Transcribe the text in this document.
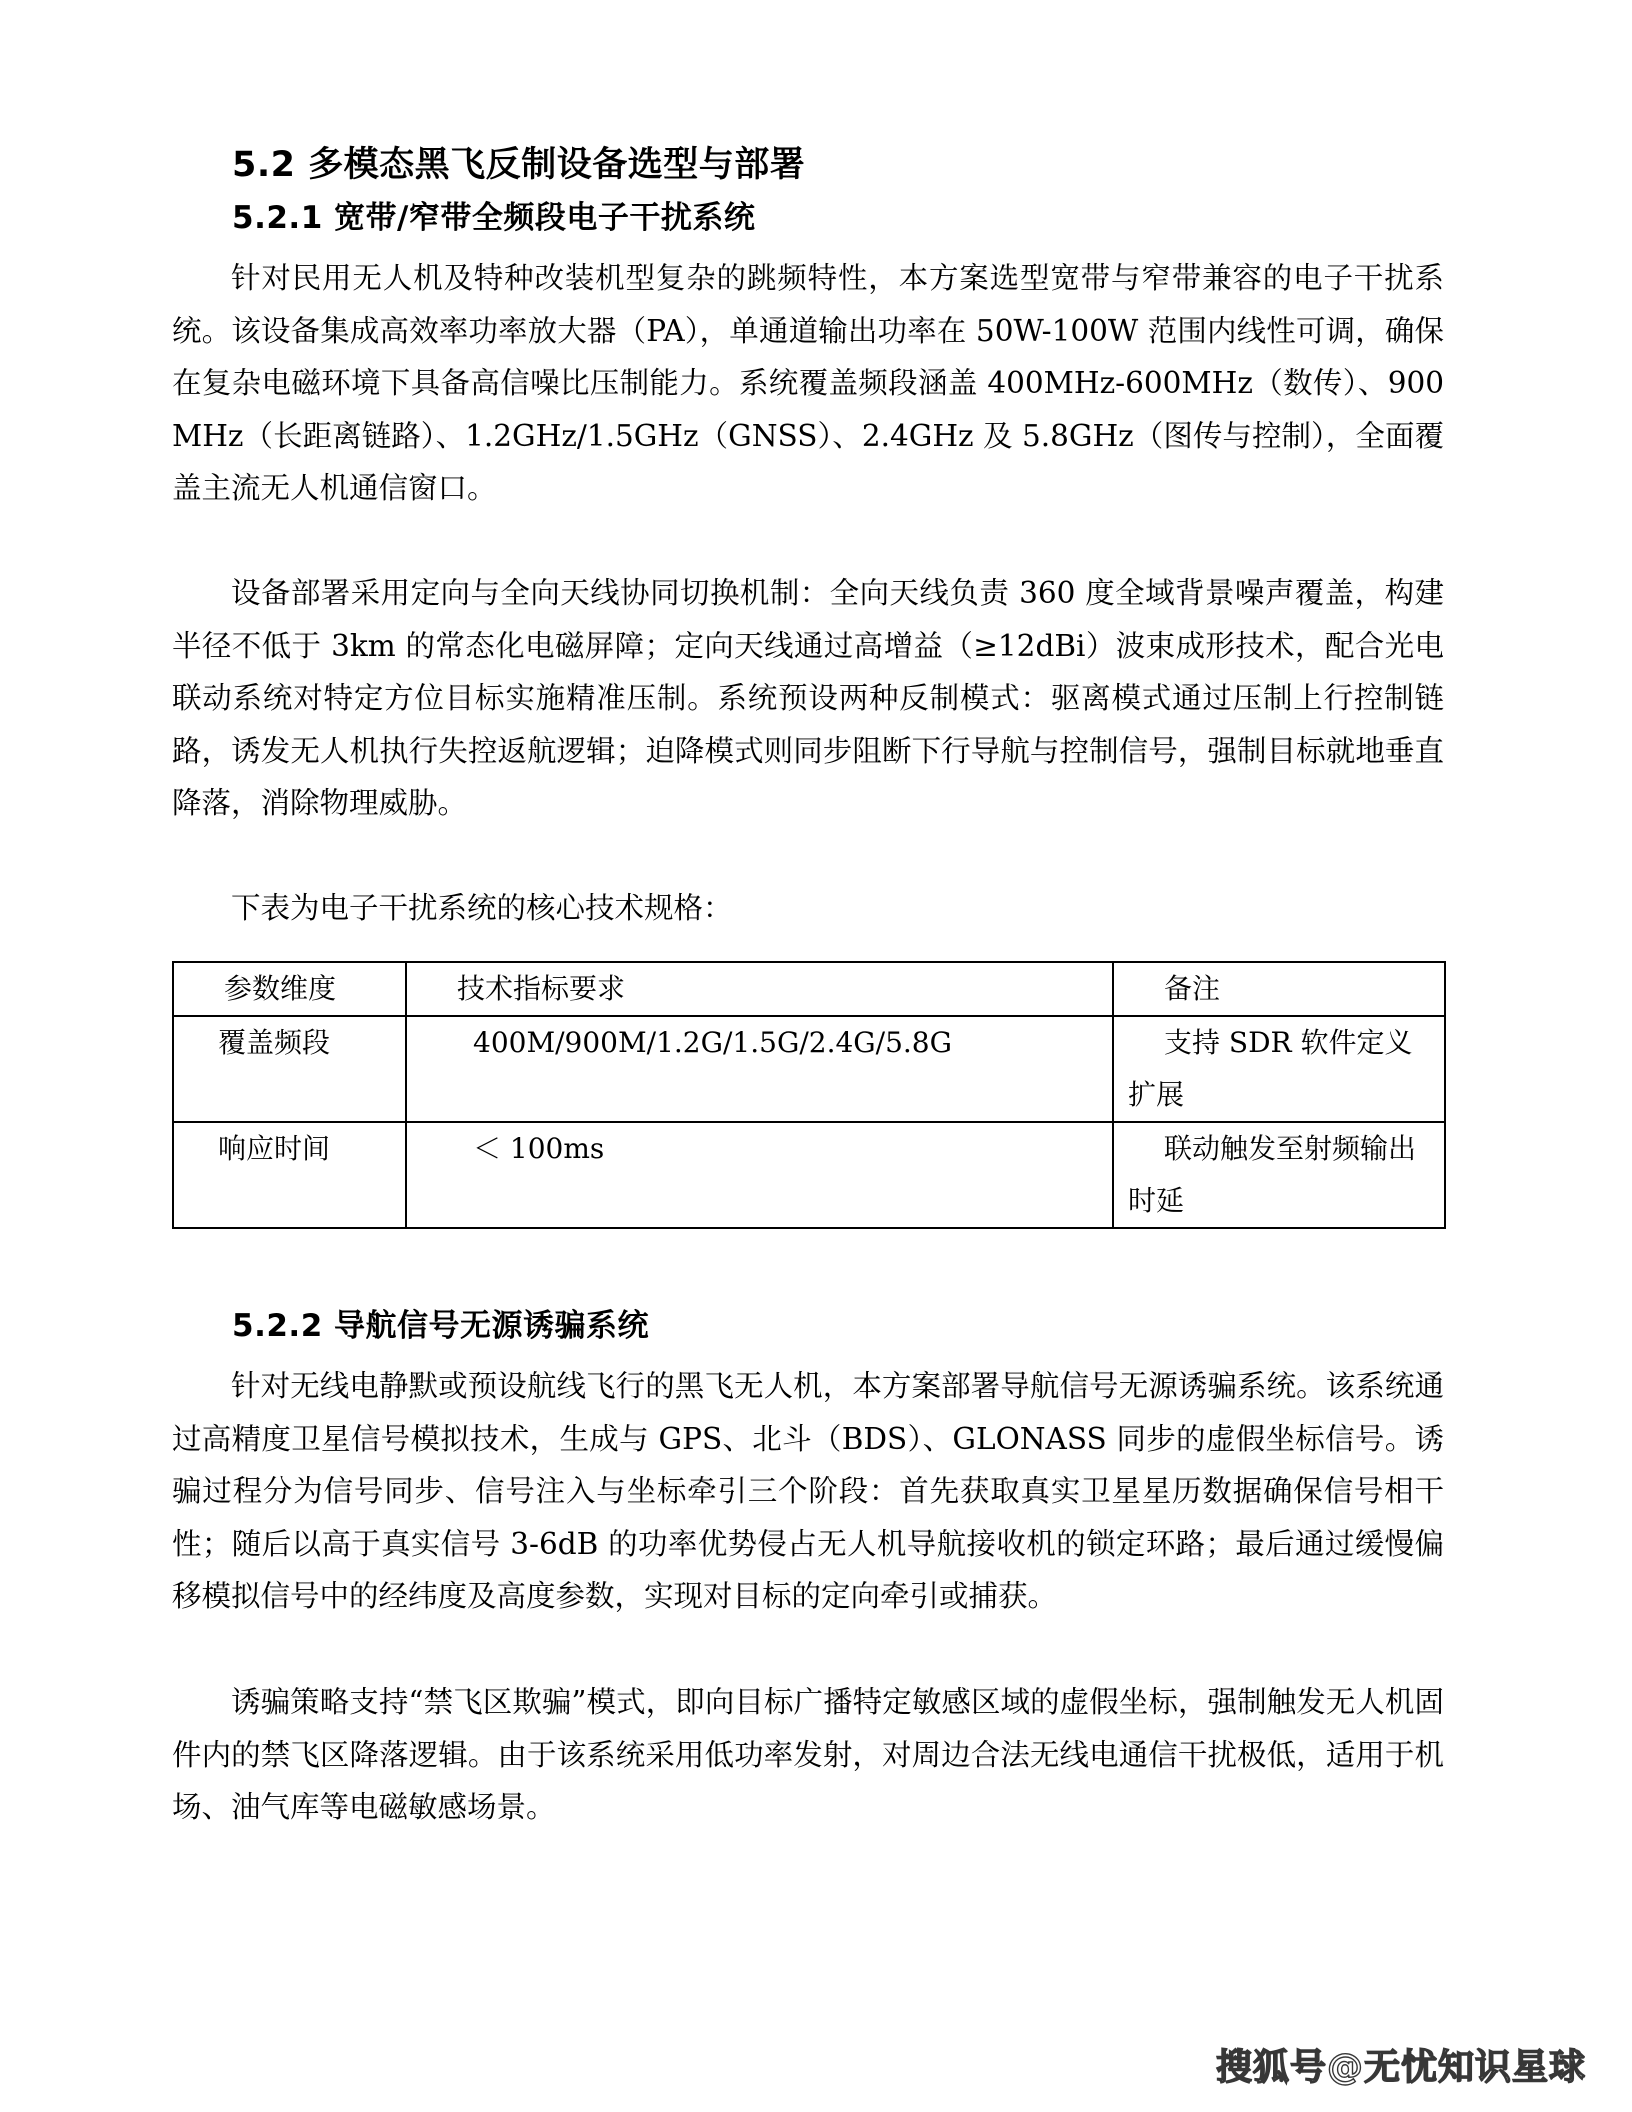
5.2 多模态黑飞反制设备选型与部署
5.2.1 宽带/窄带全频段电子干扰系统

针对民用无人机及特种改装机型复杂的跳频特性，本方案选型宽带与窄带兼容的电子干扰系统。该设备集成高效率功率放大器（PA），单通道输出功率在 50W-100W 范围内线性可调，确保在复杂电磁环境下具备高信噪比压制能力。系统覆盖频段涵盖 400MHz-600MHz（数传）、900MHz（长距离链路）、1.2GHz/1.5GHz（GNSS）、2.4GHz 及 5.8GHz（图传与控制），全面覆盖主流无人机通信窗口。

设备部署采用定向与全向天线协同切换机制：全向天线负责 360 度全域背景噪声覆盖，构建半径不低于 3km 的常态化电磁屏障；定向天线通过高增益（≥12dBi）波束成形技术，配合光电联动系统对特定方位目标实施精准压制。系统预设两种反制模式：驱离模式通过压制上行控制链路，诱发无人机执行失控返航逻辑；迫降模式则同步阻断下行导航与控制信号，强制目标就地垂直降落，消除物理威胁。

下表为电子干扰系统的核心技术规格：

参数维度	技术指标要求	备注
覆盖频段	400M/900M/1.2G/1.5G/2.4G/5.8G	支持 SDR 软件定义扩展
响应时间	＜ 100ms	联动触发至射频输出时延
5.2.2 导航信号无源诱骗系统

针对无线电静默或预设航线飞行的黑飞无人机，本方案部署导航信号无源诱骗系统。该系统通过高精度卫星信号模拟技术，生成与 GPS、北斗（BDS）、GLONASS 同步的虚假坐标信号。诱骗过程分为信号同步、信号注入与坐标牵引三个阶段：首先获取真实卫星星历数据确保信号相干性；随后以高于真实信号 3-6dB 的功率优势侵占无人机导航接收机的锁定环路；最后通过缓慢偏移模拟信号中的经纬度及高度参数，实现对目标的定向牵引或捕获。

诱骗策略支持“禁飞区欺骗”模式，即向目标广播特定敏感区域的虚假坐标，强制触发无人机固件内的禁飞区降落逻辑。由于该系统采用低功率发射，对周边合法无线电通信干扰极低，适用于机场、油气库等电磁敏感场景。

搜狐号@无忧知识星球
